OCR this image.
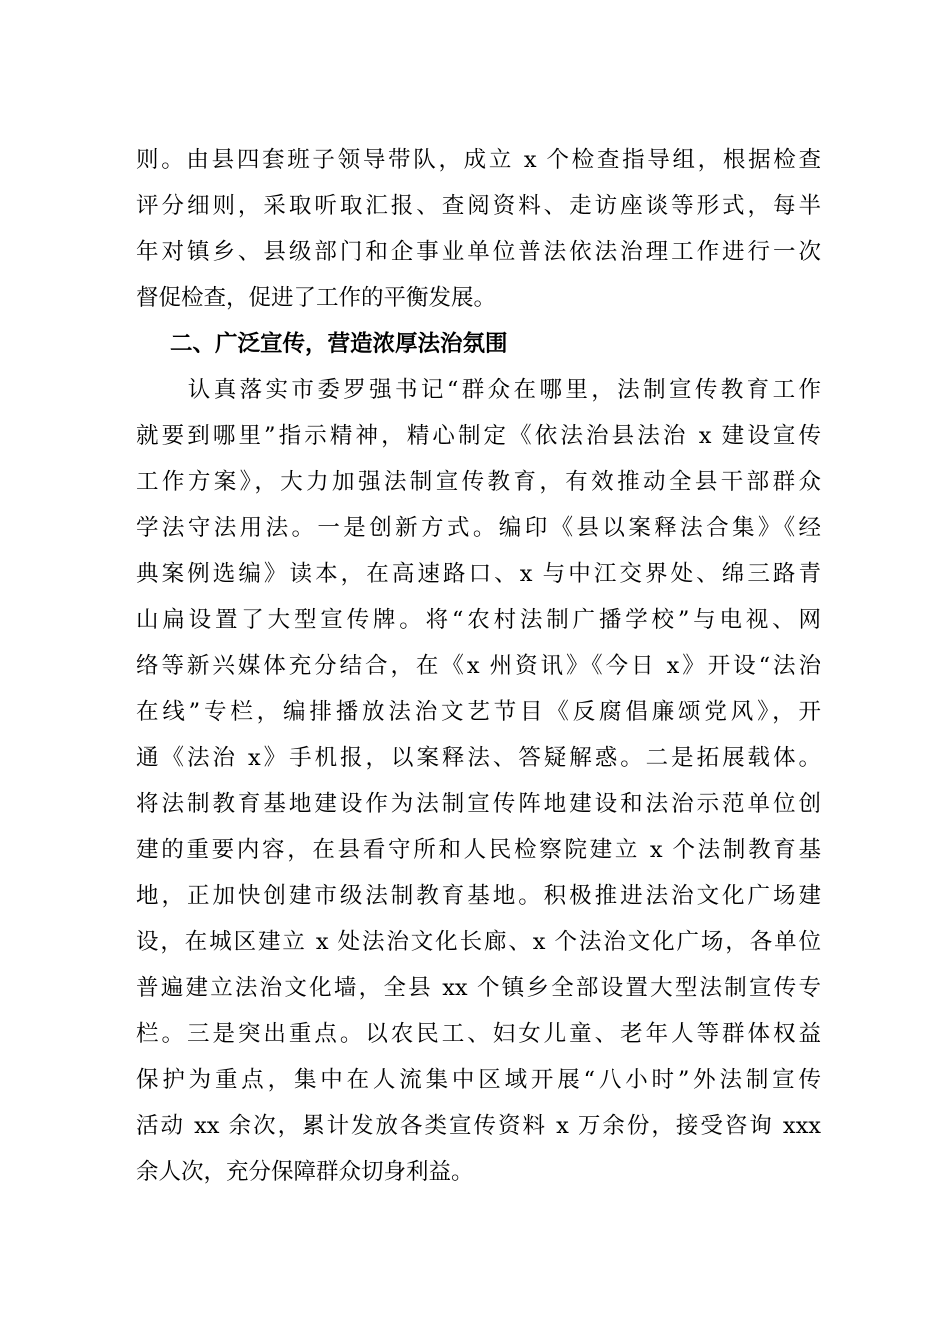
则。由县四套班子领导带队，成立 x 个检查指导组，根据检查
评分细则，采取听取汇报、查阅资料、走访座谈等形式，每半
年对镇乡、县级部门和企事业单位普法依法治理工作进行一次
督促检查，促进了工作的平衡发展。
二、广泛宣传，营造浓厚法治氛围
　　认真落实市委罗强书记“群众在哪里，法制宣传教育工作
就要到哪里”指示精神，精心制定《依法治县法治 x 建设宣传
工作方案》，大力加强法制宣传教育，有效推动全县干部群众
学法守法用法。一是创新方式。编印《县以案释法合集》《经
典案例选编》读本，在高速路口、x 与中江交界处、绵三路青
山扁设置了大型宣传牌。将“农村法制广播学校”与电视、网
络等新兴媒体充分结合，在《x 州资讯》《今日 x》开设“法治
在线”专栏，编排播放法治文艺节目《反腐倡廉颂党风》，开
通《法治 x》手机报，以案释法、答疑解惑。二是拓展载体。
将法制教育基地建设作为法制宣传阵地建设和法治示范单位创
建的重要内容，在县看守所和人民检察院建立 x 个法制教育基
地，正加快创建市级法制教育基地。积极推进法治文化广场建
设，在城区建立 x 处法治文化长廊、x 个法治文化广场，各单位
普遍建立法治文化墙，全县 xx 个镇乡全部设置大型法制宣传专
栏。三是突出重点。以农民工、妇女儿童、老年人等群体权益
保护为重点，集中在人流集中区域开展“八小时”外法制宣传
活动 xx 余次，累计发放各类宣传资料 x 万余份，接受咨询 xxx
余人次，充分保障群众切身利益。
